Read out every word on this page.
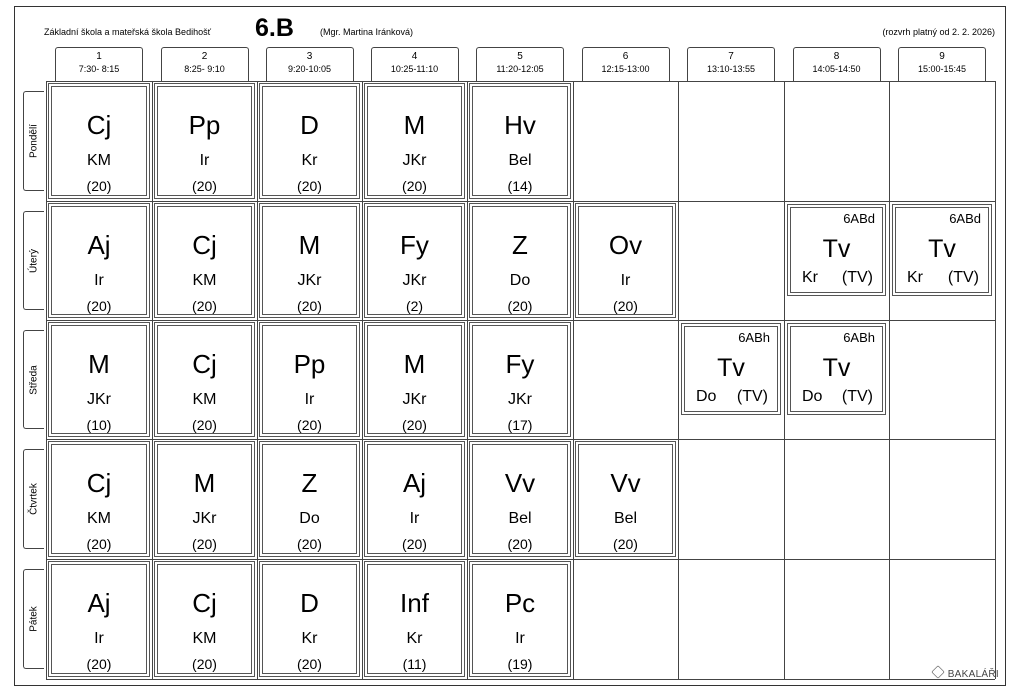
Základní škola a mateřská škola Bedihošť 6.B	(Mgr. Martina Iránková)	(rozvrh platný od 2. 2. 2026)
1
7:30- 8:15
2
8:25- 9:10
3
9:20-10:05
4
10:25-11:10
5
11:20-12:05
6
12:15-13:00
7
13:10-13:55
8
14:05-14:50
9
15:00-15:45
Pondělí
Úterý
Středa
Čtvrtek
Pátek
Cj
KM
(20)
Pp
Ir
(20)
D
Kr
(20)
M
JKr
(20)
Hv
Bel
(14)
Aj
Ir
(20)
Cj
KM
(20)
M
JKr
(20)
Fy
JKr
(2)
Z
Do
(20)
Ov
Ir
(20)
M
JKr
(10)
Cj
KM
(20)
Pp
Ir
(20)
M
JKr
(20)
Fy
JKr
(17)
Cj
KM
(20)
M
JKr
(20)
Z
Do
(20)
Aj
Ir
(20)
Vv
Bel
(20)
Vv
Bel
(20)
Aj
Ir
(20)
Cj
KM
(20)
D
Kr
(20)
Inf
Kr
(11)
Pc
Ir
(19)
6ABd
Tv
Kr (TV)
6ABd
Tv
Kr (TV)
6ABh
Tv
Do (TV)
6ABh
Tv
Do (TV)
BAKALÁŘI
